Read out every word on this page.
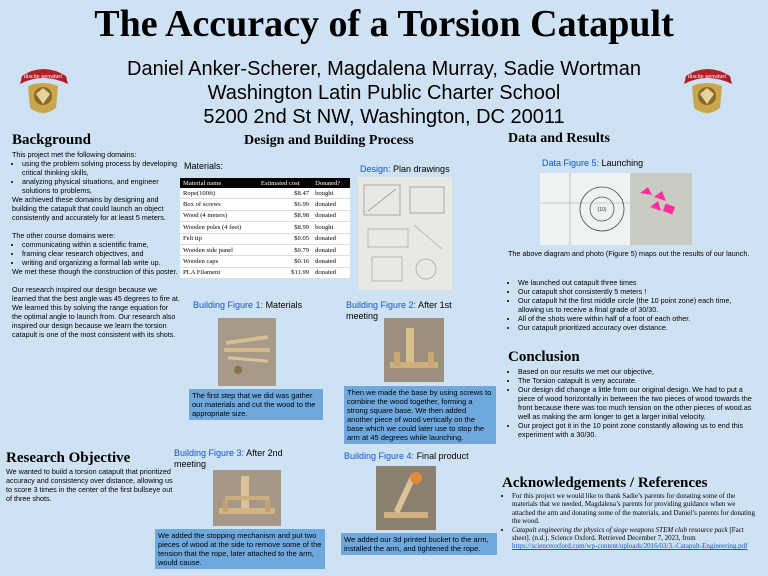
The Accuracy of a Torsion Catapult
Daniel Anker-Scherer, Magdalena Murray, Sadie Wortman
Washington Latin Public Charter School
5200 2nd St NW, Washington, DC 20011
discite servaturi	discite servaturi
Background
This project met the following domains:
• using the problem solving process by developing critical thinking skills,
• analyzing physical situations, and engineer solutions to problems,

We achieved these domains by designing and building the catapult that could launch an object consistently and accurately for at least 5 meters.

The other course domains were:
• communicating within a scientific frame,
• framing clear research objectives, and
• writing and organizing a formal lab write up.

We met these though the construction of this poster.

Our research inspired our design because we learned that the best angle was 45 degrees to fire at. We learned this by solving the range equation for the optimal angle to launch from. Our research also inspired our design because we learn the torsion catapult is one of the most consistent with its shots.

Research Objective
We wanted to build a torsion catapult that prioritized accuracy and consistency over distance, allowing us to score 3 times in the center of the first bullseye out of three shots.
Design and Building Process
Materials:
Material name	Estimated cost	Donated?
Rope(100ft)	$8.47	bought
Box of screws	$6.99	donated
Wood (4 meters)	$8.98	donated
Wooden poles (4 feet)	$8.99	bought
Felt tip	$0.05	donated
Wooden side panel	$0.79	donated
Wooden caps	$0.16	donated
PLA Filament	$11.99	donated
Design: Plan drawings
Building Figure 1: Materials
The first step that we did was gather our materials and cut the wood to the appropriate size.
Building Figure 2: After 1st meeting
Then we made the base by using screws to combine the wood together, forming a strong square base. We then added another piece of wood vertically on the base which we could later use to stop the arm at 45 degrees while launching.
Building Figure 3: After 2nd meeting
We added the stopping mechanism and put two pieces of wood at the side to remove some of the tension that the rope, later attached to the arm, would cause.
Building Figure 4: Final product
We added our 3d printed bucket to the arm, installed the arm, and tightened the rope.
Data and Results
Data Figure 5: Launching
(10)
The above diagram and photo (Figure 5) maps out the results of our launch.
• We launched out catapult three times
• Our catapult shot consistently 5 meters !
• Our catapult hit the first middle circle (the 10 point zone) each time, allowing us to receive a final grade of 30/30.
• All of the shots were within half of a foot of each other.
• Our catapult prioritized accuracy over distance.
Conclusion
• Based on our results we met our objective,
• The Torsion catapult is very accurate.
• Our design did change a little from our original design. We had to put a piece of wood horizontally in between the two pieces of wood towards the front because there was too much tension on the other pieces of wood.as well as making the arm longer to get a larger initial velocity.
• Our project got it in the 10 point zone constantly allowing us to end this experiment with a 30/30.
Acknowledgements / References
• For this project we would like to thank Sadie’s parents for donating some of the materials that we needed, Magdalena’s parents for providing guidance when we attached the arm and donating some of the materials, and Daniel’s parents for donating the wood.
• Catapult engineering the physics of siege weapons STEM club resource pack [Fact sheet]. (n.d.). Science Oxford. Retrieved December 7, 2023, from https://scienceoxford.com/wp-content/uploads/2016/03/3.-Catapult-Engineering.pdf
